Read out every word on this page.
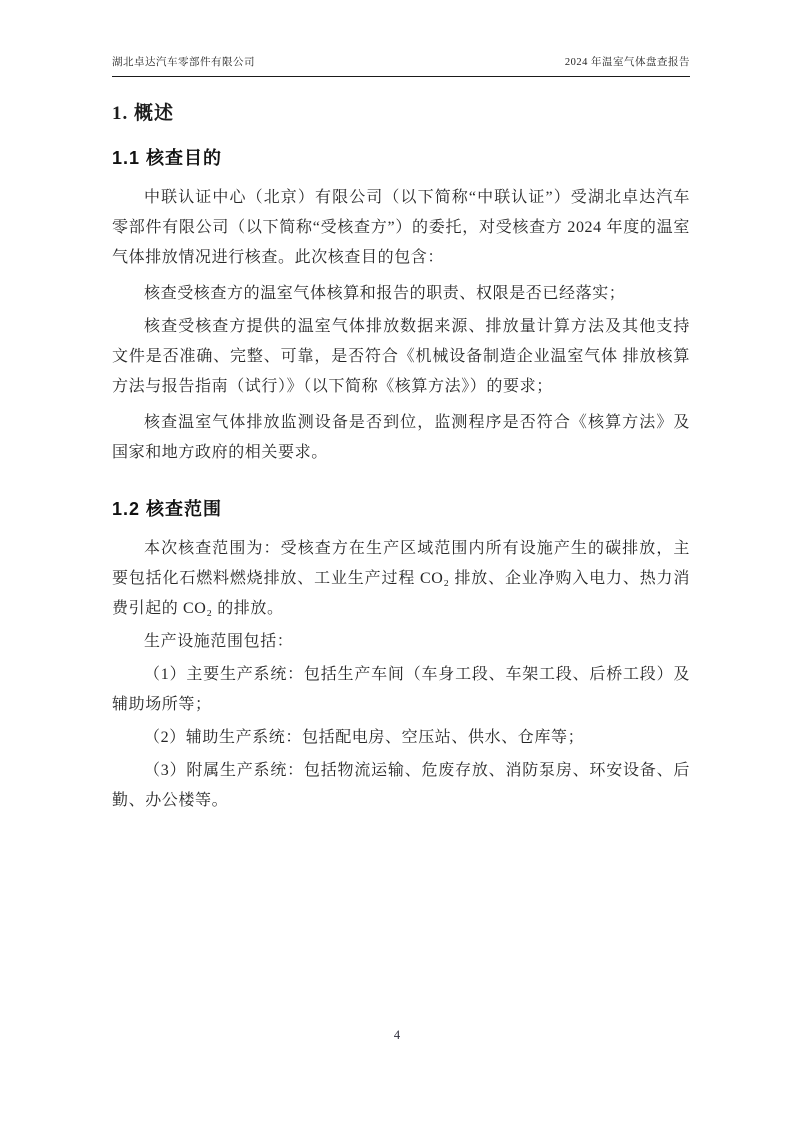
湖北卓达汽车零部件有限公司	2024 年温室气体盘查报告
1. 概述
1.1 核查目的

中联认证中心（北京）有限公司（以下简称“中联认证”）受湖北卓达汽车零部件有限公司（以下简称“受核查方”）的委托，对受核查方 2024 年度的温室气体排放情况进行核查。此次核查目的包含：

核查受核查方的温室气体核算和报告的职责、权限是否已经落实；

核查受核查方提供的温室气体排放数据来源、排放量计算方法及其他支持文件是否准确、完整、可靠，是否符合《机械设备制造企业温室气体 排放核算方法与报告指南（试行）》（以下简称《核算方法》）的要求；

核查温室气体排放监测设备是否到位，监测程序是否符合《核算方法》及国家和地方政府的相关要求。

1.2 核查范围

本次核查范围为：受核查方在生产区域范围内所有设施产生的碳排放，主要包括化石燃料燃烧排放、工业生产过程 CO₂ 排放、企业净购入电力、热力消费引起的 CO₂ 的排放。

生产设施范围包括：

（1）主要生产系统：包括生产车间（车身工段、车架工段、后桥工段）及辅助场所等；

（2）辅助生产系统：包括配电房、空压站、供水、仓库等；

（3）附属生产系统：包括物流运输、危废存放、消防泵房、环安设备、后勤、办公楼等。

4
